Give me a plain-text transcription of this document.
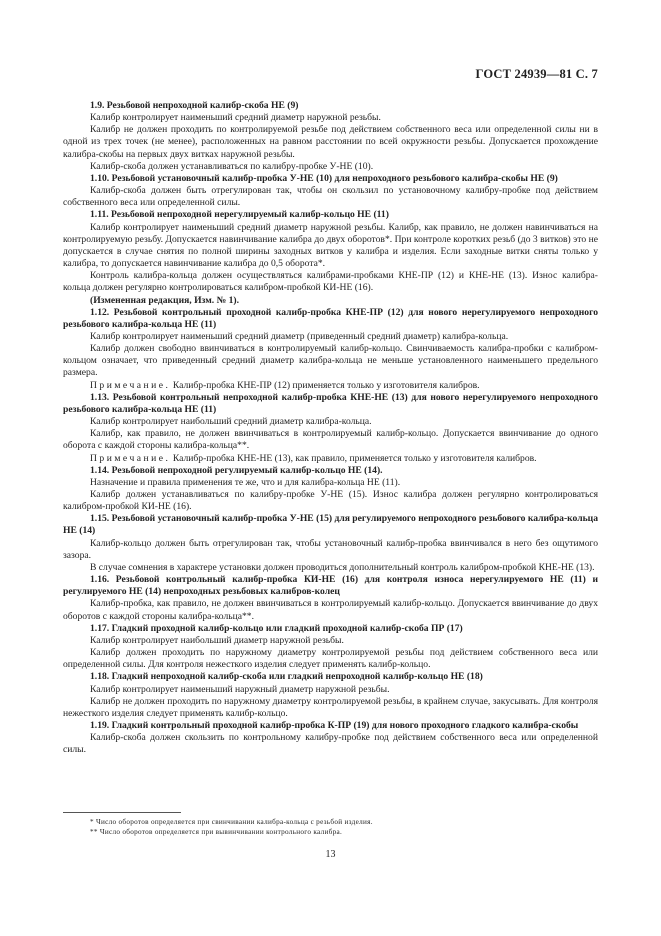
ГОСТ 24939—81 С. 7

1.9. Резьбовой непроходной калибр-скоба НЕ (9)

Калибр контролирует наименьший средний диаметр наружной резьбы.

Калибр не должен проходить по контролируемой резьбе под действием собственного веса или определенной силы ни в одной из трех точек (не менее), расположенных на равном расстоянии по всей окружности резьбы. Допускается прохождение калибра-скобы на первых двух витках наружной резьбы.

Калибр-скоба должен устанавливаться по калибру-пробке У-НЕ (10).

1.10. Резьбовой установочный калибр-пробка У-НЕ (10) для непроходного резьбового калибра-скобы НЕ (9)

Калибр-скоба должен быть отрегулирован так, чтобы он скользил по установочному калибру-пробке под действием собственного веса или определенной силы.

1.11. Резьбовой непроходной нерегулируемый калибр-кольцо НЕ (11)

Калибр контролирует наименьший средний диаметр наружной резьбы. Калибр, как правило, не должен навинчиваться на контролируемую резьбу. Допускается навинчивание калибра до двух оборотов*. При контроле коротких резьб (до 3 витков) это не допускается в случае снятия по полной ширины заходных витков у калибра и изделия. Если заходные витки сняты только у калибра, то допускается навинчивание калибра до 0,5 оборота*.

Контроль калибра-кольца должен осуществляться калибрами-пробками КНЕ-ПР (12) и КНЕ-НЕ (13). Износ калибра-кольца должен регулярно контролироваться калибром-пробкой КИ-НЕ (16).

(Измененная редакция, Изм. № 1).

1.12. Резьбовой контрольный проходной калибр-пробка КНЕ-ПР (12) для нового нерегулируемого непроходного резьбового калибра-кольца НЕ (11)

Калибр контролирует наименьший средний диаметр (приведенный средний диаметр) калибра-кольца.

Калибр должен свободно ввинчиваться в контролируемый калибр-кольцо. Свинчиваемость калибра-пробки с калибром-кольцом означает, что приведенный средний диаметр калибра-кольца не меньше установленного наименьшего предельного размера.

Примечание. Калибр-пробка КНЕ-ПР (12) применяется только у изготовителя калибров.

1.13. Резьбовой контрольный непроходной калибр-пробка КНЕ-НЕ (13) для нового нерегулируемого непроходного резьбового калибра-кольца НЕ (11)

Калибр контролирует наибольший средний диаметр калибра-кольца.

Калибр, как правило, не должен ввинчиваться в контролируемый калибр-кольцо. Допускается ввинчивание до одного оборота с каждой стороны калибра-кольца**.

Примечание. Калибр-пробка КНЕ-НЕ (13), как правило, применяется только у изготовителя калибров.

1.14. Резьбовой непроходной регулируемый калибр-кольцо НЕ (14).

Назначение и правила применения те же, что и для калибра-кольца НЕ (11).

Калибр должен устанавливаться по калибру-пробке У-НЕ (15). Износ калибра должен регулярно контролироваться калибром-пробкой КИ-НЕ (16).

1.15. Резьбовой установочный калибр-пробка У-НЕ (15) для регулируемого непроходного резьбового калибра-кольца НЕ (14)

Калибр-кольцо должен быть отрегулирован так, чтобы установочный калибр-пробка ввинчивался в него без ощутимого зазора.

В случае сомнения в характере установки должен проводиться дополнительный контроль калибром-пробкой КНЕ-НЕ (13).

1.16. Резьбовой контрольный калибр-пробка КИ-НЕ (16) для контроля износа нерегулируемого НЕ (11) и регулируемого НЕ (14) непроходных резьбовых калибров-колец

Калибр-пробка, как правило, не должен ввинчиваться в контролируемый калибр-кольцо. Допускается ввинчивание до двух оборотов с каждой стороны калибра-кольца**.

1.17. Гладкий проходной калибр-кольцо или гладкий проходной калибр-скоба ПР (17)

Калибр контролирует наибольший диаметр наружной резьбы.

Калибр должен проходить по наружному диаметру контролируемой резьбы под действием собственного веса или определенной силы. Для контроля нежесткого изделия следует применять калибр-кольцо.

1.18. Гладкий непроходной калибр-скоба или гладкий непроходной калибр-кольцо НЕ (18)

Калибр контролирует наименьший наружный диаметр наружной резьбы.

Калибр не должен проходить по наружному диаметру контролируемой резьбы, в крайнем случае, закусывать. Для контроля нежесткого изделия следует применять калибр-кольцо.

1.19. Гладкий контрольный проходной калибр-пробка К-ПР (19) для нового проходного гладкого калибра-скобы

Калибр-скоба должен скользить по контрольному калибру-пробке под действием собственного веса или определенной силы.

* Число оборотов определяется при свинчивании калибра-кольца с резьбой изделия.

** Число оборотов определяется при вывинчивании контрольного калибра.

13
